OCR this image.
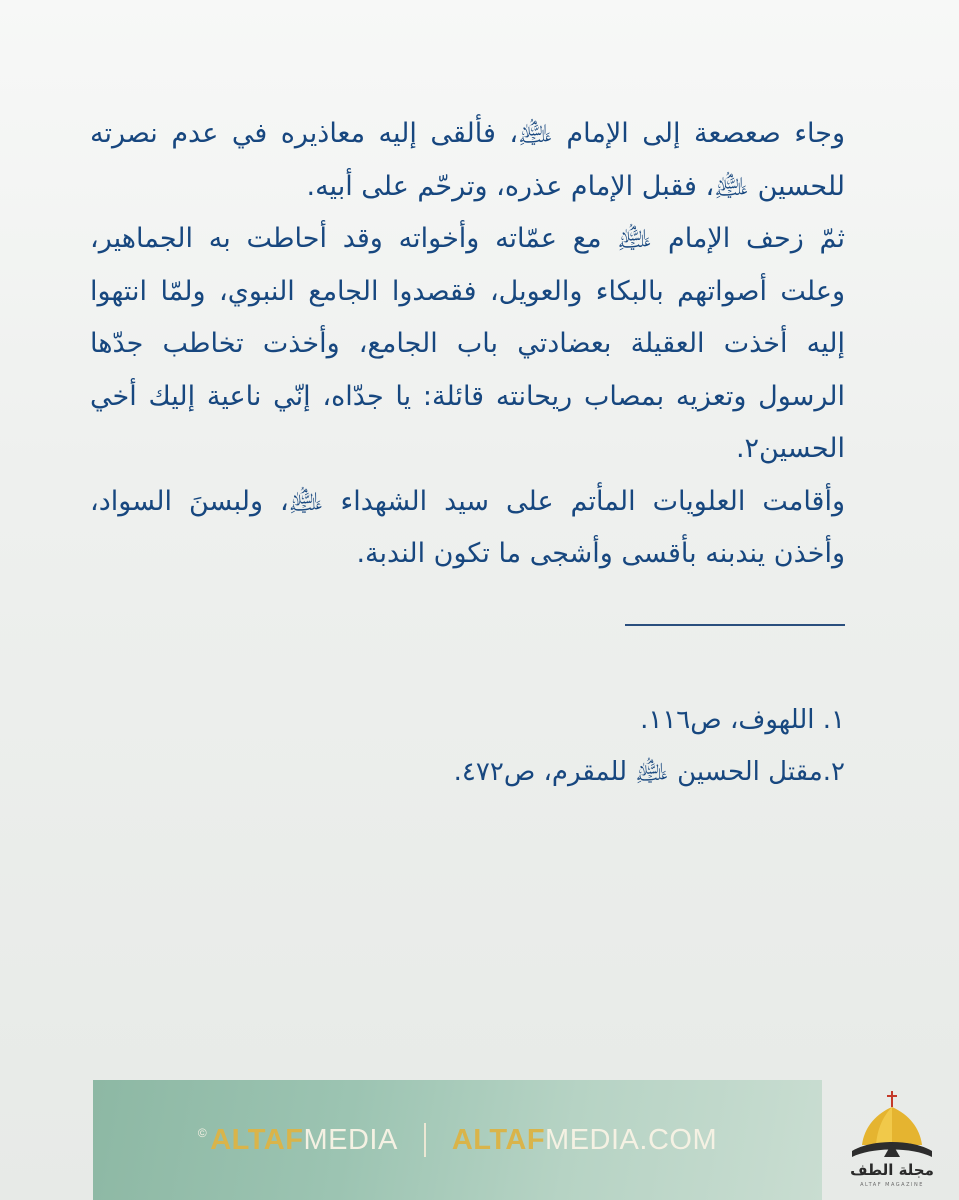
وجاء صعصعة إلى الإمام ﵇، فألقى إليه معاذيره في عدم نصرته للحسين ﵇، فقبل الإمام عذره، وترحّم على أبيه.

ثمّ زحف الإمام ﵇ مع عمّاته وأخواته وقد أحاطت به الجماهير، وعلت أصواتهم بالبكاء والعويل، فقصدوا الجامع النبوي، ولمّا انتهوا إليه أخذت العقيلة بعضادتي باب الجامع، وأخذت تخاطب جدّها الرسول وتعزيه بمصاب ريحانته قائلة: يا جدّاه، إنّي ناعية إليك أخي الحسين٢.

وأقامت العلويات المأتم على سيد الشهداء ﵇، ولبسنَ السواد، وأخذن يندبنه بأقسى وأشجى ما تكون الندبة.

١. اللهوف، ص١١٦.
٢.مقتل الحسين ﵇ للمقرم، ص٤٧٢.
© ALTAF MEDIA ALTAF MEDIA.COM
مجلة الطف
ALTAF MAGAZINE
